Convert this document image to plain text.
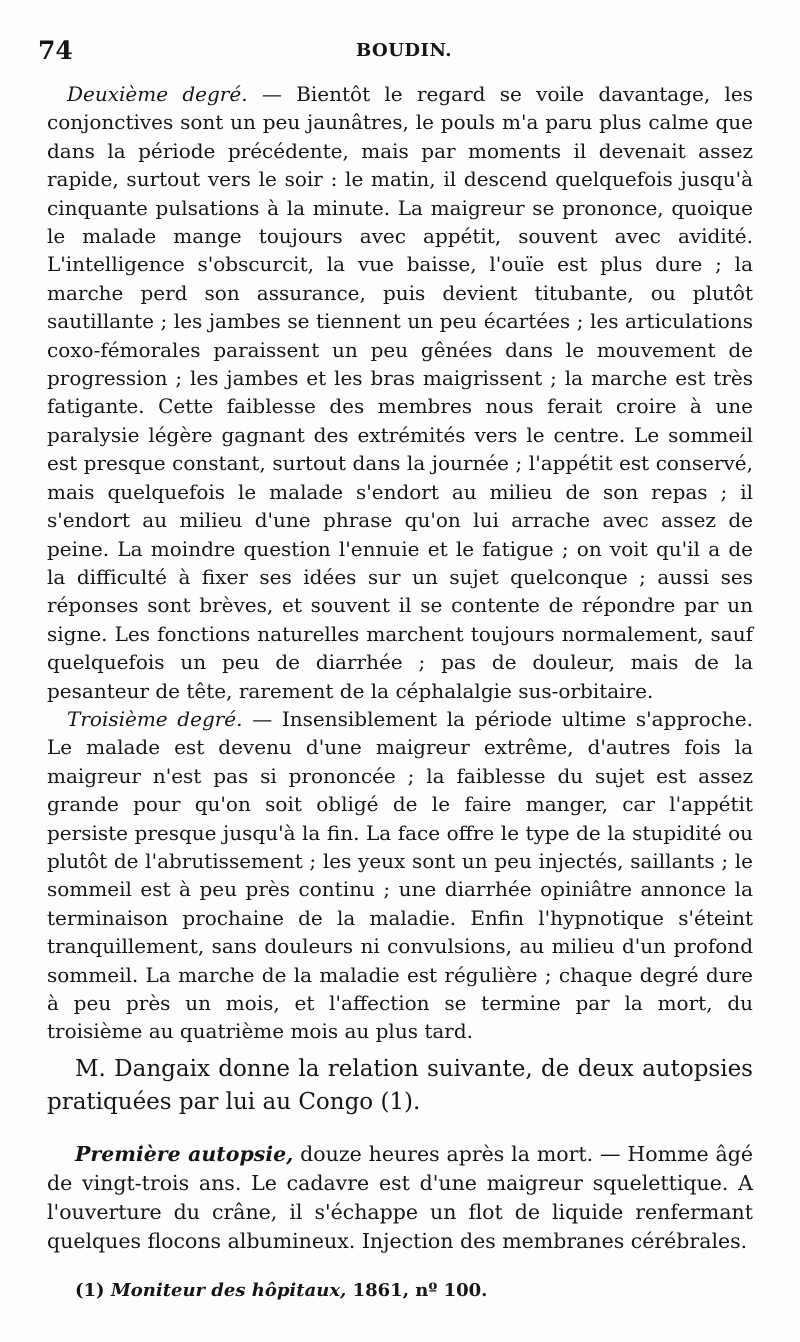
74	BOUDIN.

Deuxième degré. — Bientôt le regard se voile davantage, les conjonctives sont un peu jaunâtres, le pouls m'a paru plus calme que dans la période précédente, mais par moments il devenait assez rapide, surtout vers le soir : le matin, il descend quelquefois jusqu'à cinquante pulsations à la minute. La maigreur se prononce, quoique le malade mange toujours avec appétit, souvent avec avidité. L'intelligence s'obscurcit, la vue baisse, l'ouïe est plus dure ; la marche perd son assurance, puis devient titubante, ou plutôt sautillante ; les jambes se tiennent un peu écartées ; les articulations coxo-fémorales paraissent un peu gênées dans le mouvement de progression ; les jambes et les bras maigrissent ; la marche est très fatigante. Cette faiblesse des membres nous ferait croire à une paralysie légère gagnant des extrémités vers le centre. Le sommeil est presque constant, surtout dans la journée ; l'appétit est conservé, mais quelquefois le malade s'endort au milieu de son repas ; il s'endort au milieu d'une phrase qu'on lui arrache avec assez de peine. La moindre question l'ennuie et le fatigue ; on voit qu'il a de la difficulté à fixer ses idées sur un sujet quelconque ; aussi ses réponses sont brèves, et souvent il se contente de répondre par un signe. Les fonctions naturelles marchent toujours normalement, sauf quelquefois un peu de diarrhée ; pas de douleur, mais de la pesanteur de tête, rarement de la céphalalgie sus-orbitaire.

Troisième degré. — Insensiblement la période ultime s'approche. Le malade est devenu d'une maigreur extrême, d'autres fois la maigreur n'est pas si prononcée ; la faiblesse du sujet est assez grande pour qu'on soit obligé de le faire manger, car l'appétit persiste presque jusqu'à la fin. La face offre le type de la stupidité ou plutôt de l'abrutissement ; les yeux sont un peu injectés, saillants ; le sommeil est à peu près continu ; une diarrhée opiniâtre annonce la terminaison prochaine de la maladie. Enfin l'hypnotique s'éteint tranquillement, sans douleurs ni convulsions, au milieu d'un profond sommeil. La marche de la maladie est régulière ; chaque degré dure à peu près un mois, et l'affection se termine par la mort, du troisième au quatrième mois au plus tard.

M. Dangaix donne la relation suivante, de deux autopsies pratiquées par lui au Congo (1).

Première autopsie, douze heures après la mort. — Homme âgé de vingt-trois ans. Le cadavre est d'une maigreur squelettique. A l'ouverture du crâne, il s'échappe un flot de liquide renfermant quelques flocons albumineux. Injection des membranes cérébrales.

(1) Moniteur des hôpitaux, 1861, nº 100.
